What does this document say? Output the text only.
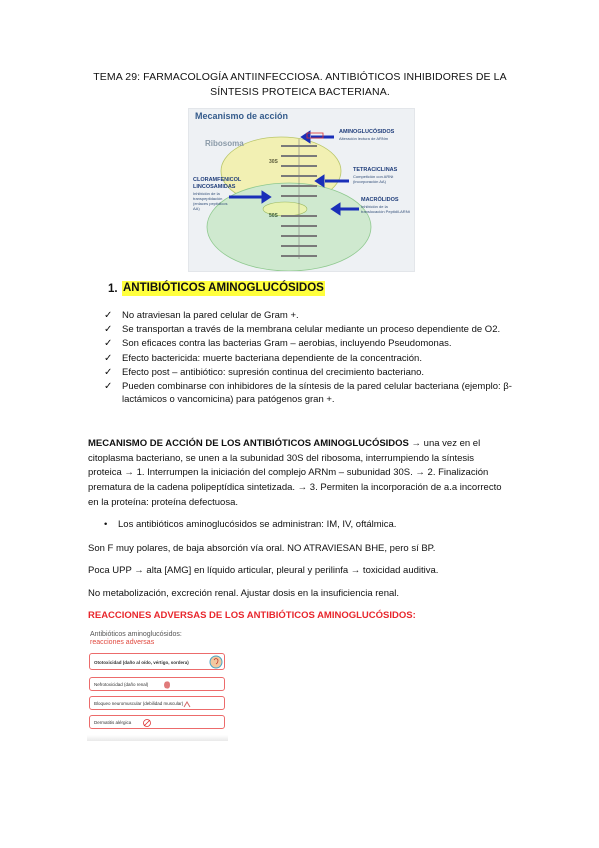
TEMA 29: FARMACOLOGÍA ANTIINFECCIOSA. ANTIBIÓTICOS INHIBIDORES DE LA SÍNTESIS PROTEICA BACTERIANA.
Mecanismo de acción
Ribosoma
30S
50S
AMINOGLUCÓSIDOS
Alteración lectura de ARNm
TETRACICLINAS
Competición con ARNt (incorporación AA)
CLORAMFENICOL LINCOSAMIDAS
Inhibición de la transpeptidación (enlaces peptídicos AA)
MACRÓLIDOS
Inhibición de la translocación Peptidil-ARNt
1. ANTIBIÓTICOS AMINOGLUCÓSIDOS
✓ No atraviesan la pared celular de Gram +.
✓ Se transportan a través de la membrana celular mediante un proceso dependiente de O2.
✓ Son eficaces contra las bacterias Gram – aerobias, incluyendo Pseudomonas.
✓ Efecto bactericida: muerte bacteriana dependiente de la concentración.
✓ Efecto post – antibiótico: supresión continua del crecimiento bacteriano.
✓ Pueden combinarse con inhibidores de la síntesis de la pared celular bacteriana (ejemplo: β-lactámicos o vancomicina) para patógenos gran +.
MECANISMO DE ACCIÓN DE LOS ANTIBIÓTICOS AMINOGLUCÓSIDOS → una vez en el citoplasma bacteriano, se unen a la subunidad 30S del ribosoma, interrumpiendo la síntesis proteica → 1. Interrumpen la iniciación del complejo ARNm – subunidad 30S. → 2. Finalización prematura de la cadena polipeptídica sintetizada. → 3. Permiten la incorporación de a.a incorrecto en la proteína: proteína defectuosa.
• Los antibióticos aminoglucósidos se administran: IM, IV, oftálmica.
Son F muy polares, de baja absorción vía oral. NO ATRAVIESAN BHE, pero sí BP.
Poca UPP → alta [AMG] en líquido articular, pleural y perilinfa → toxicidad auditiva.
No metabolización, excreción renal. Ajustar dosis en la insuficiencia renal.
REACCIONES ADVERSAS DE LOS ANTIBIÓTICOS AMINOGLUCÓSIDOS:
Antibióticos aminoglucósidos:
reacciones adversas
Ototoxicidad (daño al oído, vértigo, sordera)
Nefrotoxicidad (daño renal)
Bloqueo neuromuscular (debilidad muscular)
Dermatitis alérgica
